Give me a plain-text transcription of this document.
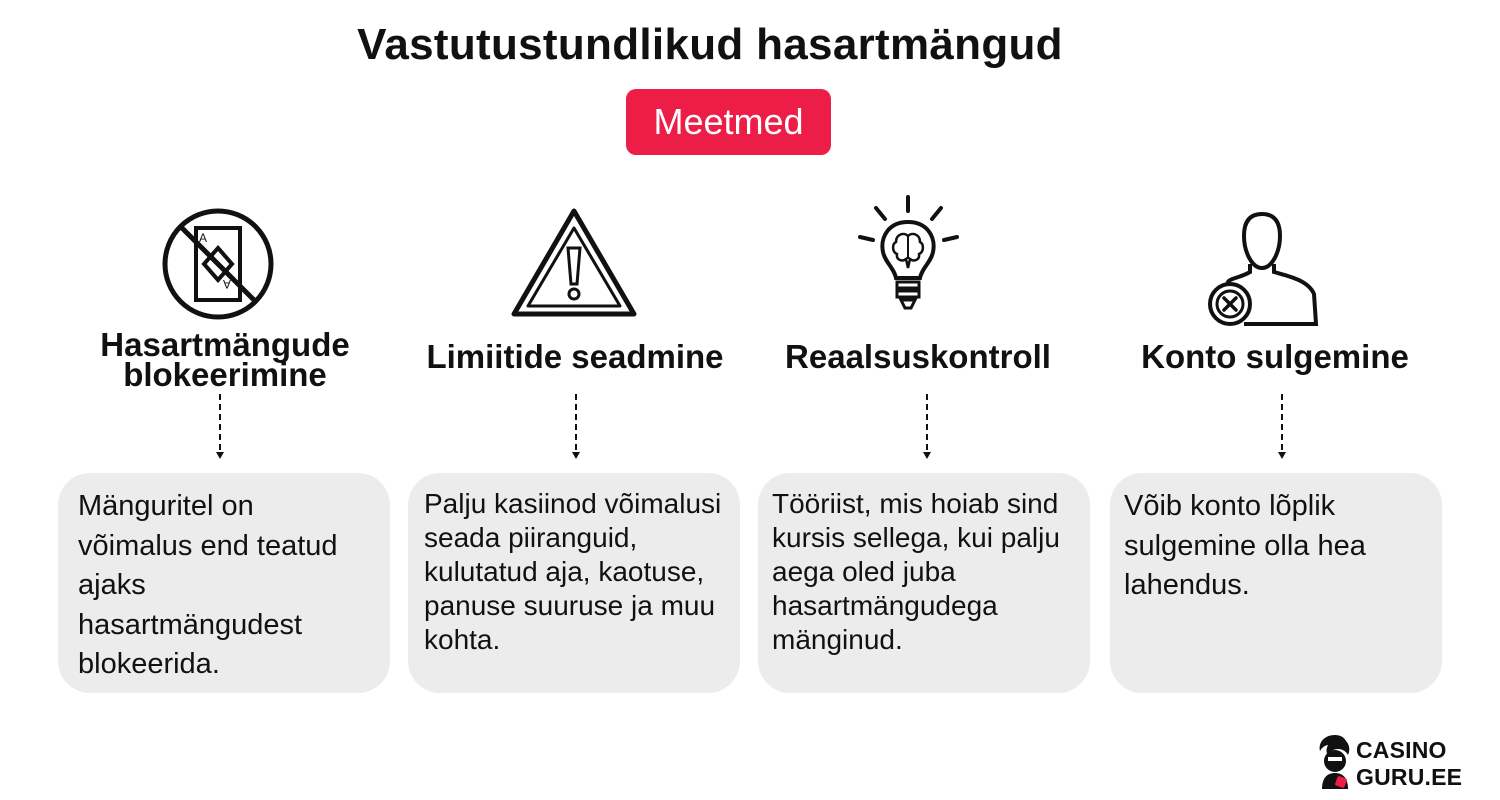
Vastutustundlikud hasartmängud
Meetmed
A
A
Hasartmängude
blokeerimine	Limiitide seadmine	Reaalsuskontroll	Konto sulgemine
Mänguritel on võimalus end teatud ajaks hasartmängudest blokeerida.
Palju kasiinod võimalusi seada piiranguid, kulutatud aja, kaotuse, panuse suuruse ja muu kohta.
Tööriist, mis hoiab sind kursis sellega, kui palju aega oled juba hasartmängudega mänginud.
Võib konto lõplik sulgemine olla hea lahendus.
CASINO
GURU.EE
